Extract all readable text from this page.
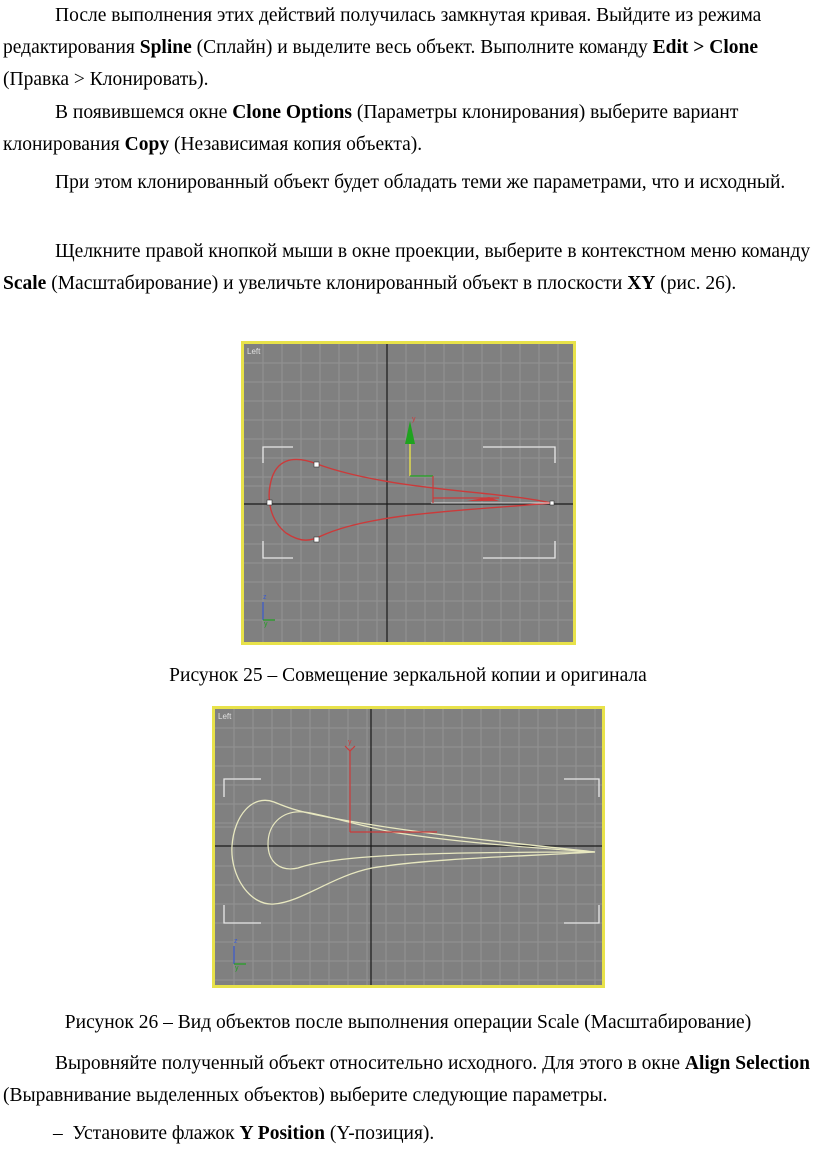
После выполнения этих действий получилась замкнутая кривая. Выйдите из режима редактирования Spline (Сплайн) и выделите весь объект. Выполните команду Edit > Clone (Правка > Клонировать).

В появившемся окне Clone Options (Параметры клонирования) выберите вариант клонирования Copy (Независимая копия объекта).

При этом клонированный объект будет обладать теми же параметрами, что и исходный.

Щелкните правой кнопкой мыши в окне проекции, выберите в контекстном меню команду Scale (Масштабирование) и увеличьте клонированный объект в плоскости XY (рис. 26).

Left
y
z
y
Рисунок 25 – Совмещение зеркальной копии и оригинала
Left
y
z
y
Рисунок 26 – Вид объектов после выполнения операции Scale (Масштабирование)

Выровняйте полученный объект относительно исходного. Для этого в окне Align Selection (Выравнивание выделенных объектов) выберите следующие параметры.

– Установите флажок Y Position (Y-позиция).
